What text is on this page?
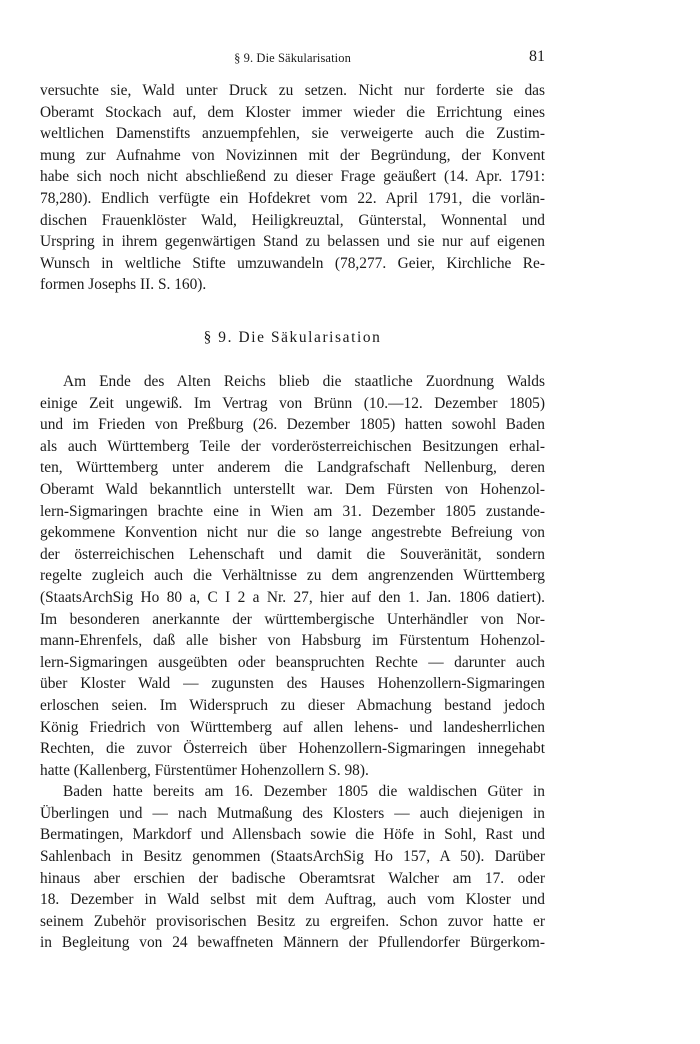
§ 9. Die Säkularisation	81
versuchte sie, Wald unter Druck zu setzen. Nicht nur forderte sie das
Oberamt Stockach auf, dem Kloster immer wieder die Errichtung eines
weltlichen Damenstifts anzuempfehlen, sie verweigerte auch die Zustim-
mung zur Aufnahme von Novizinnen mit der Begründung, der Konvent
habe sich noch nicht abschließend zu dieser Frage geäußert (14. Apr. 1791:
78,280). Endlich verfügte ein Hofdekret vom 22. April 1791, die vorlän-
dischen Frauenklöster Wald, Heiligkreuztal, Günterstal, Wonnental und
Urspring in ihrem gegenwärtigen Stand zu belassen und sie nur auf eigenen
Wunsch in weltliche Stifte umzuwandeln (78,277. Geier, Kirchliche Re-
formen Josephs II. S. 160).
§ 9. Die Säkularisation
Am Ende des Alten Reichs blieb die staatliche Zuordnung Walds
einige Zeit ungewiß. Im Vertrag von Brünn (10.—12. Dezember 1805)
und im Frieden von Preßburg (26. Dezember 1805) hatten sowohl Baden
als auch Württemberg Teile der vorderösterreichischen Besitzungen erhal-
ten, Württemberg unter anderem die Landgrafschaft Nellenburg, deren
Oberamt Wald bekanntlich unterstellt war. Dem Fürsten von Hohenzol-
lern-Sigmaringen brachte eine in Wien am 31. Dezember 1805 zustande-
gekommene Konvention nicht nur die so lange angestrebte Befreiung von
der österreichischen Lehenschaft und damit die Souveränität, sondern
regelte zugleich auch die Verhältnisse zu dem angrenzenden Württemberg
(StaatsArchSig Ho 80 a, C I 2 a Nr. 27, hier auf den 1. Jan. 1806 datiert).
Im besonderen anerkannte der württembergische Unterhändler von Nor-
mann-Ehrenfels, daß alle bisher von Habsburg im Fürstentum Hohenzol-
lern-Sigmaringen ausgeübten oder beanspruchten Rechte — darunter auch
über Kloster Wald — zugunsten des Hauses Hohenzollern-Sigmaringen
erloschen seien. Im Widerspruch zu dieser Abmachung bestand jedoch
König Friedrich von Württemberg auf allen lehens- und landesherrlichen
Rechten, die zuvor Österreich über Hohenzollern-Sigmaringen innegehabt
hatte (Kallenberg, Fürstentümer Hohenzollern S. 98).
Baden hatte bereits am 16. Dezember 1805 die waldischen Güter in
Überlingen und — nach Mutmaßung des Klosters — auch diejenigen in
Bermatingen, Markdorf und Allensbach sowie die Höfe in Sohl, Rast und
Sahlenbach in Besitz genommen (StaatsArchSig Ho 157, A 50). Darüber
hinaus aber erschien der badische Oberamtsrat Walcher am 17. oder
18. Dezember in Wald selbst mit dem Auftrag, auch vom Kloster und
seinem Zubehör provisorischen Besitz zu ergreifen. Schon zuvor hatte er
in Begleitung von 24 bewaffneten Männern der Pfullendorfer Bürgerkom-
